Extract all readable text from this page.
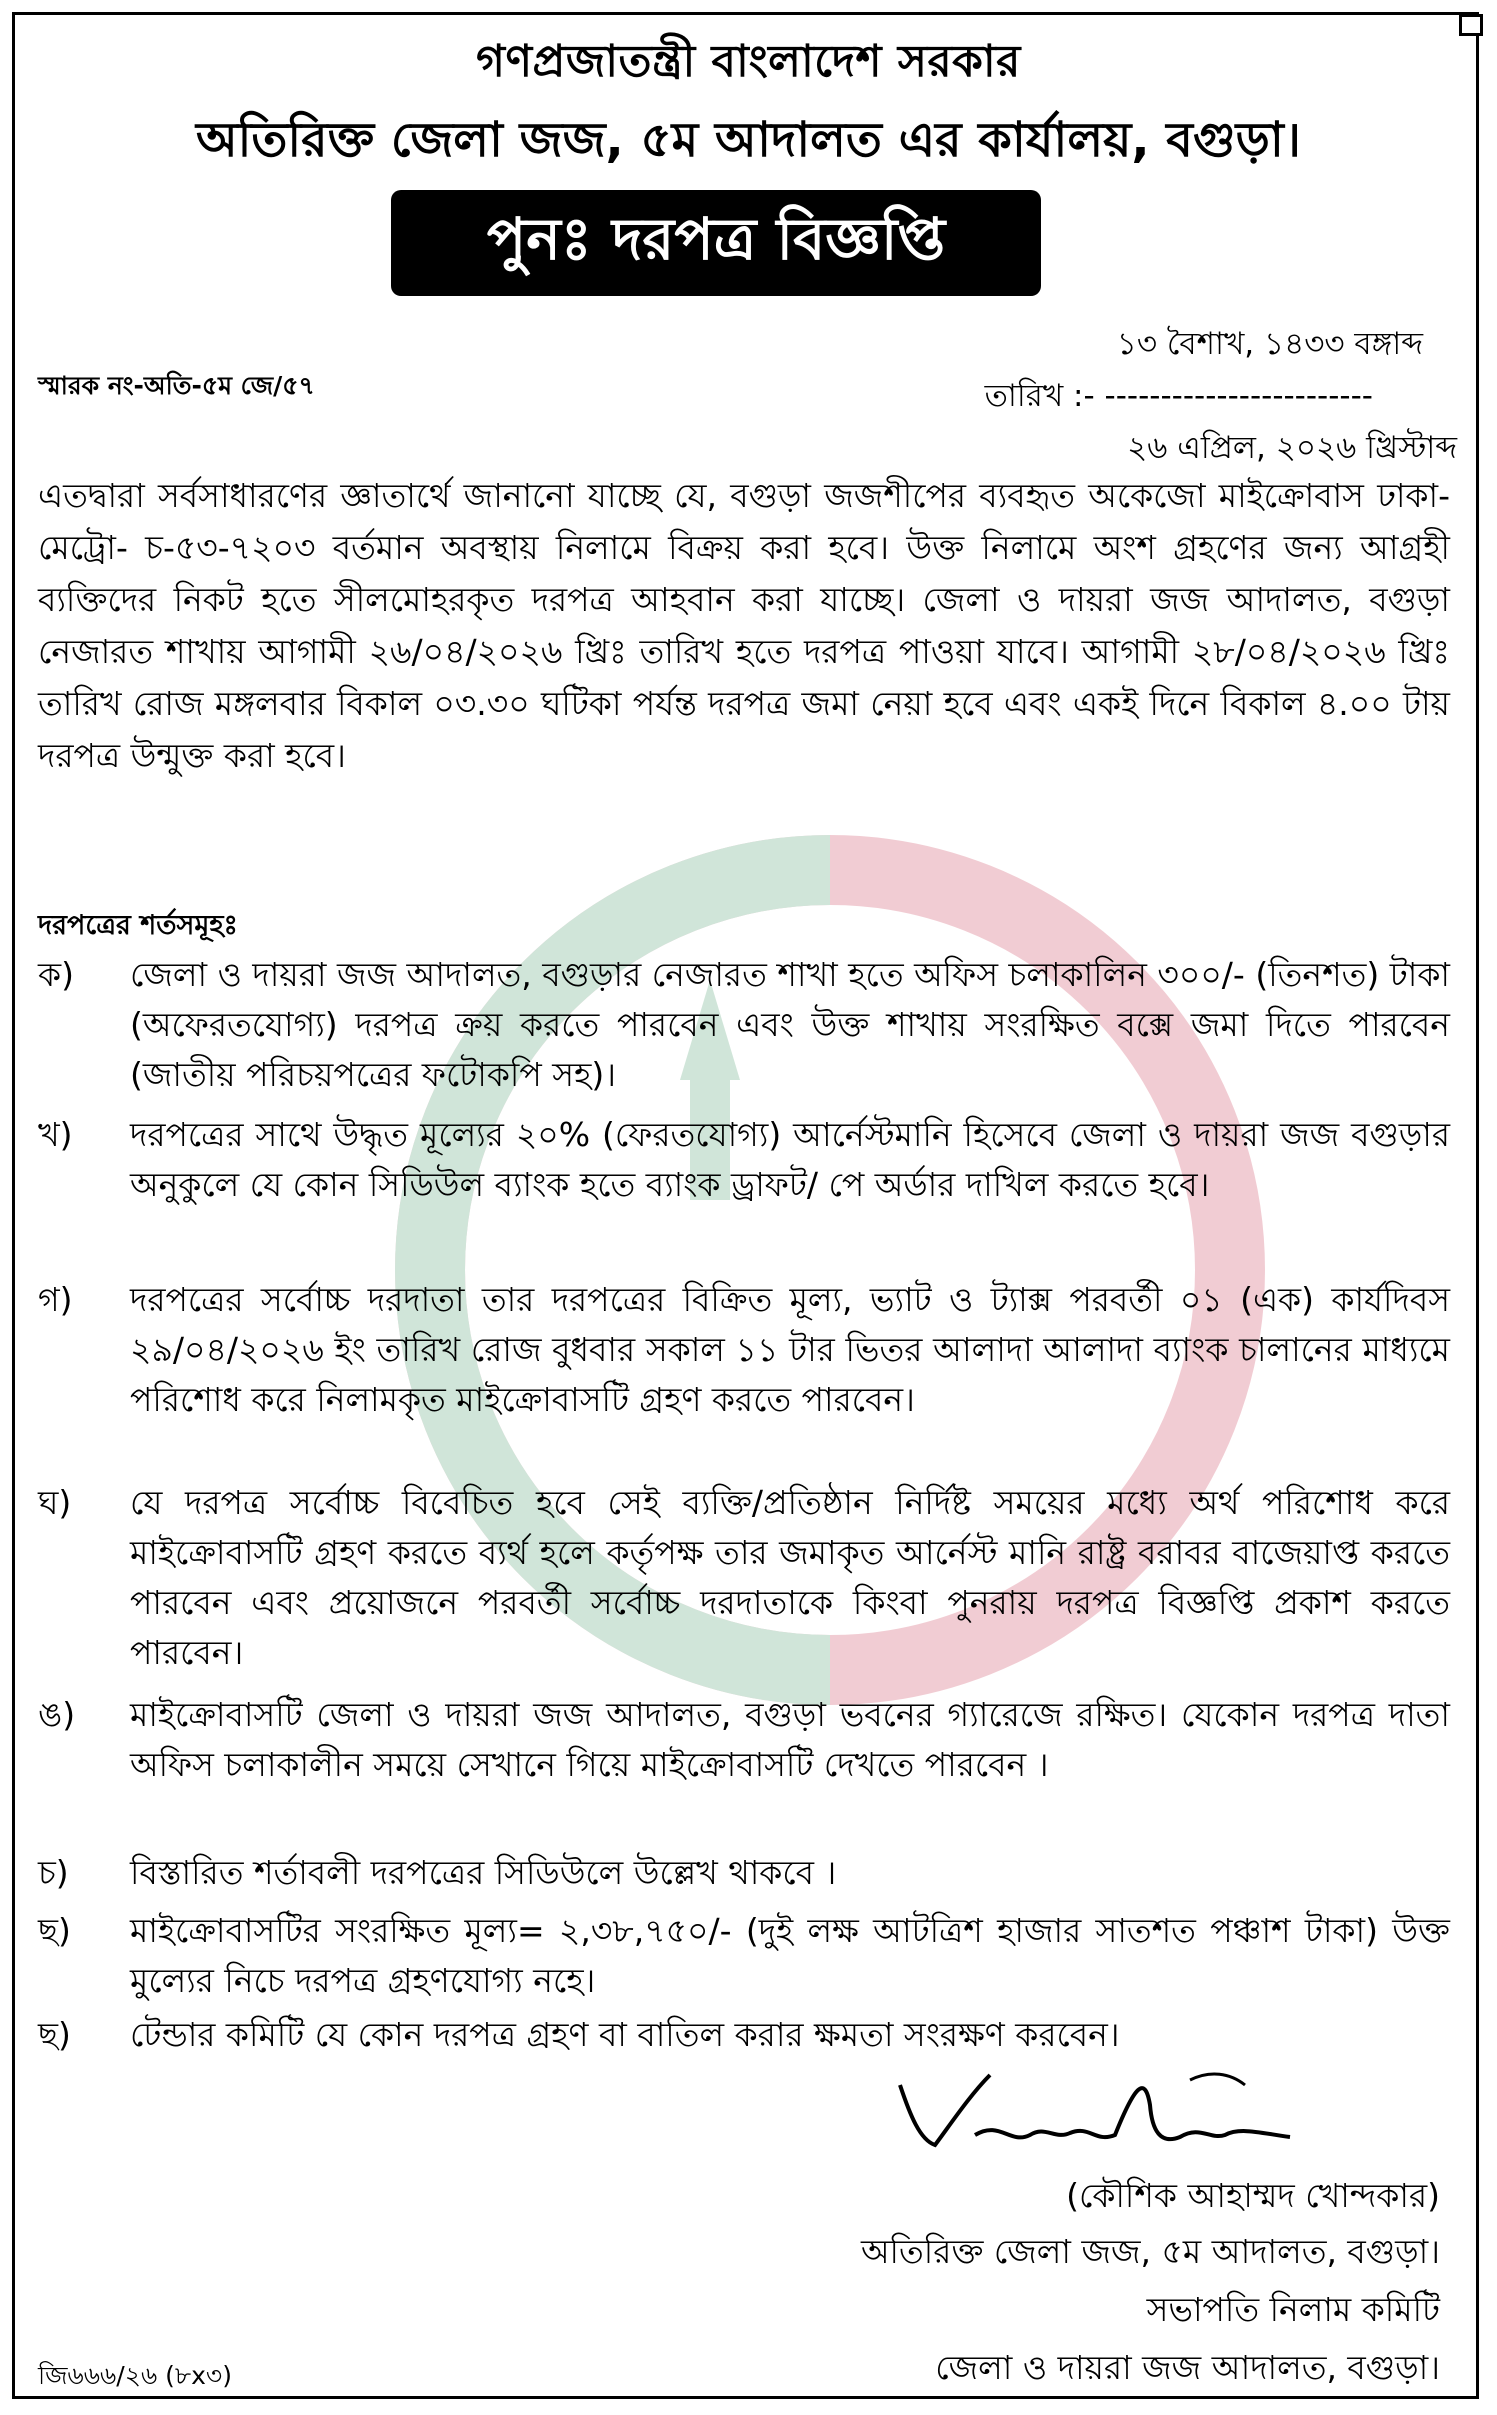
গণপ্রজাতন্ত্রী বাংলাদেশ সরকার
অতিরিক্ত জেলা জজ, ৫ম আদালত এর কার্যালয়, বগুড়া।
পুনঃ দরপত্র বিজ্ঞপ্তি
১৩ বৈশাখ, ১৪৩৩ বঙ্গাব্দ
স্মারক নং-অতি-৫ম জে/৫৭	তারিখ :- ------------------------
২৬ এপ্রিল, ২০২৬ খ্রিস্টাব্দ
এতদ্বারা সর্বসাধারণের জ্ঞাতার্থে জানানো যাচ্ছে যে, বগুড়া জজশীপের ব্যবহৃত অকেজো মাইক্রোবাস ঢাকা-মেট্রো- চ-৫৩-৭২০৩ বর্তমান অবস্থায় নিলামে বিক্রয় করা হবে। উক্ত নিলামে অংশ গ্রহণের জন্য আগ্রহী ব্যক্তিদের নিকট হতে সীলমোহরকৃত দরপত্র আহবান করা যাচ্ছে। জেলা ও দায়রা জজ আদালত, বগুড়া নেজারত শাখায় আগামী ২৬/০৪/২০২৬ খ্রিঃ তারিখ হতে দরপত্র পাওয়া যাবে। আগামী ২৮/০৪/২০২৬ খ্রিঃ তারিখ রোজ মঙ্গলবার বিকাল ০৩.৩০ ঘটিকা পর্যন্ত দরপত্র জমা নেয়া হবে এবং একই দিনে বিকাল ৪.০০ টায় দরপত্র উন্মুক্ত করা হবে।
দরপত্রের শর্তসমূহঃ
ক)	জেলা ও দায়রা জজ আদালত, বগুড়ার নেজারত শাখা হতে অফিস চলাকালিন ৩০০/- (তিনশত) টাকা (অফেরতযোগ্য) দরপত্র ক্রয় করতে পারবেন এবং উক্ত শাখায় সংরক্ষিত বক্সে জমা দিতে পারবেন (জাতীয় পরিচয়পত্রের ফটোকপি সহ)।
খ)	দরপত্রের সাথে উদ্ধৃত মূল্যের ২০% (ফেরতযোগ্য) আর্নেস্টমানি হিসেবে জেলা ও দায়রা জজ বগুড়ার অনুকুলে যে কোন সিডিউল ব্যাংক হতে ব্যাংক ড্রাফট/ পে অর্ডার দাখিল করতে হবে।
গ)	দরপত্রের সর্বোচ্চ দরদাতা তার দরপত্রের বিক্রিত মূল্য, ভ্যাট ও ট্যাক্স পরবর্তী ০১ (এক) কার্যদিবস ২৯/০৪/২০২৬ ইং তারিখ রোজ বুধবার সকাল ১১ টার ভিতর আলাদা আলাদা ব্যাংক চালানের মাধ্যমে পরিশোধ করে নিলামকৃত মাইক্রোবাসটি গ্রহণ করতে পারবেন।
ঘ)	যে দরপত্র সর্বোচ্চ বিবেচিত হবে সেই ব্যক্তি/প্রতিষ্ঠান নির্দিষ্ট সময়ের মধ্যে অর্থ পরিশোধ করে মাইক্রোবাসটি গ্রহণ করতে ব্যর্থ হলে কর্তৃপক্ষ তার জমাকৃত আর্নেস্ট মানি রাষ্ট্র বরাবর বাজেয়াপ্ত করতে পারবেন এবং প্রয়োজনে পরবর্তী সর্বোচ্চ দরদাতাকে কিংবা পুনরায় দরপত্র বিজ্ঞপ্তি প্রকাশ করতে পারবেন।
ঙ)	মাইক্রোবাসটি জেলা ও দায়রা জজ আদালত, বগুড়া ভবনের গ্যারেজে রক্ষিত। যেকোন দরপত্র দাতা অফিস চলাকালীন সময়ে সেখানে গিয়ে মাইক্রোবাসটি দেখতে পারবেন ।
চ)	বিস্তারিত শর্তাবলী দরপত্রের সিডিউলে উল্লেখ থাকবে ।
ছ)	মাইক্রোবাসটির সংরক্ষিত মূল্য= ২,৩৮,৭৫০/- (দুই লক্ষ আটত্রিশ হাজার সাতশত পঞ্চাশ টাকা) উক্ত মুল্যের নিচে দরপত্র গ্রহণযোগ্য নহে।
ছ)	টেন্ডার কমিটি যে কোন দরপত্র গ্রহণ বা বাতিল করার ক্ষমতা সংরক্ষণ করবেন।
(কৌশিক আহাম্মদ খোন্দকার)
অতিরিক্ত জেলা জজ, ৫ম আদালত, বগুড়া।
সভাপতি নিলাম কমিটি
জেলা ও দায়রা জজ আদালত, বগুড়া।
জি৬৬৬/২৬ (৮x৩)
